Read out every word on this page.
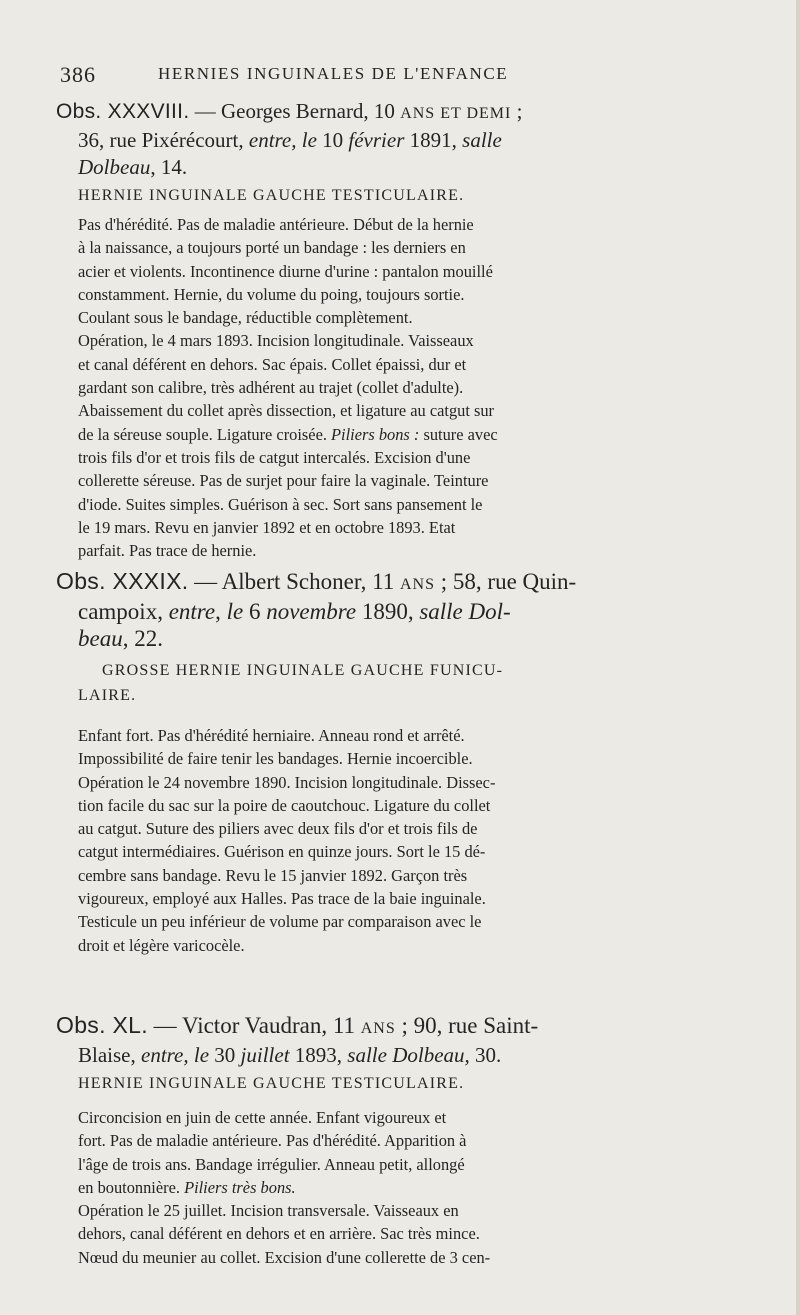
386	HERNIES INGUINALES DE L'ENFANCE
Obs. XXXVIII. — Georges Bernard, 10 ANS ET DEMI ;
36, rue Pixérécourt, entre, le 10 février 1891, salle
Dolbeau, 14.
HERNIE INGUINALE GAUCHE TESTICULAIRE.
Pas d'hérédité. Pas de maladie antérieure. Début de la hernie
à la naissance, a toujours porté un bandage : les derniers en
acier et violents. Incontinence diurne d'urine : pantalon mouillé
constamment. Hernie, du volume du poing, toujours sortie.
Coulant sous le bandage, réductible complètement.
Opération, le 4 mars 1893. Incision longitudinale. Vaisseaux
et canal déférent en dehors. Sac épais. Collet épaissi, dur et
gardant son calibre, très adhérent au trajet (collet d'adulte).
Abaissement du collet après dissection, et ligature au catgut sur
de la séreuse souple. Ligature croisée. Piliers bons : suture avec
trois fils d'or et trois fils de catgut intercalés. Excision d'une
collerette séreuse. Pas de surjet pour faire la vaginale. Teinture
d'iode. Suites simples. Guérison à sec. Sort sans pansement le
le 19 mars. Revu en janvier 1892 et en octobre 1893. Etat
parfait. Pas trace de hernie.
Obs. XXXIX. — Albert Schoner, 11 ANS ; 58, rue Quin-
campoix, entre, le 6 novembre 1890, salle Dol-
beau, 22.
GROSSE HERNIE INGUINALE GAUCHE FUNICU-
LAIRE.
Enfant fort. Pas d'hérédité herniaire. Anneau rond et arrêté.
Impossibilité de faire tenir les bandages. Hernie incoercible.
Opération le 24 novembre 1890. Incision longitudinale. Dissec-
tion facile du sac sur la poire de caoutchouc. Ligature du collet
au catgut. Suture des piliers avec deux fils d'or et trois fils de
catgut intermédiaires. Guérison en quinze jours. Sort le 15 dé-
cembre sans bandage. Revu le 15 janvier 1892. Garçon très
vigoureux, employé aux Halles. Pas trace de la baie inguinale.
Testicule un peu inférieur de volume par comparaison avec le
droit et légère varicocèle.
Obs. XL. — Victor Vaudran, 11 ANS ; 90, rue Saint-
Blaise, entre, le 30 juillet 1893, salle Dolbeau, 30.
HERNIE INGUINALE GAUCHE TESTICULAIRE.
Circoncision en juin de cette année. Enfant vigoureux et
fort. Pas de maladie antérieure. Pas d'hérédité. Apparition à
l'âge de trois ans. Bandage irrégulier. Anneau petit, allongé
en boutonnière. Piliers très bons.
Opération le 25 juillet. Incision transversale. Vaisseaux en
dehors, canal déférent en dehors et en arrière. Sac très mince.
Nœud du meunier au collet. Excision d'une collerette de 3 cen-
